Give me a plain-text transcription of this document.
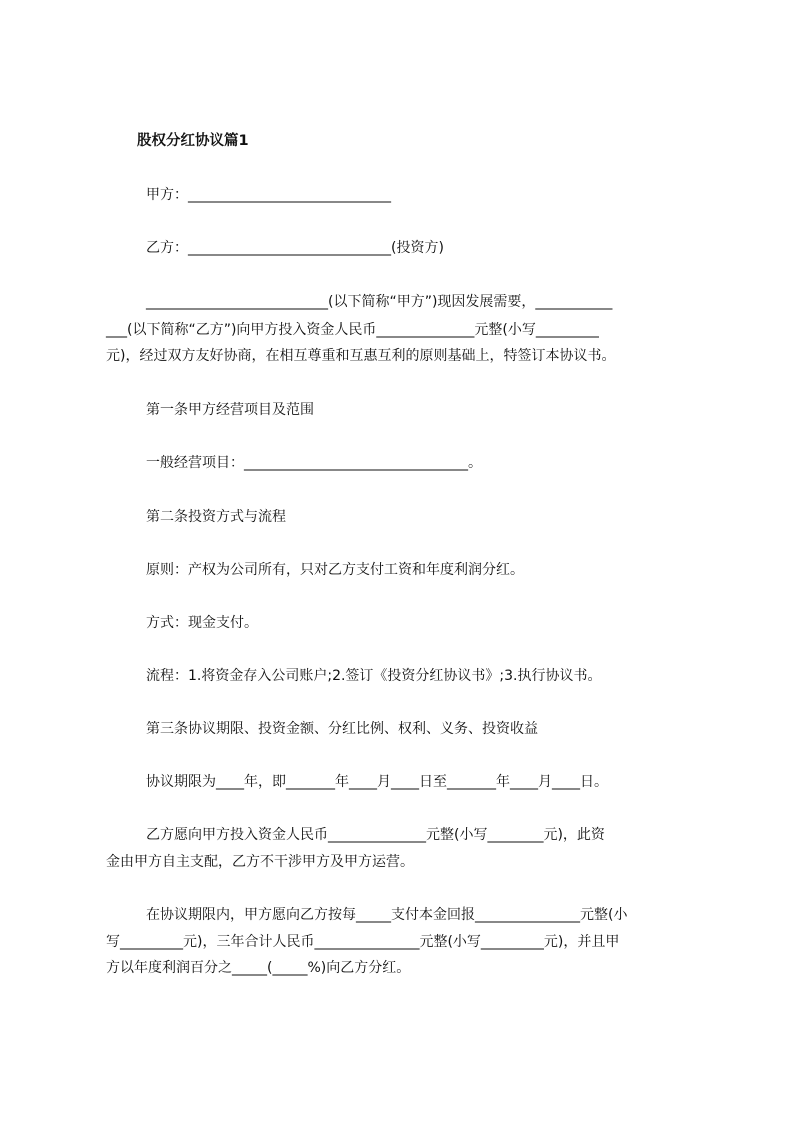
股权分红协议篇1
甲方：_____________________________
乙方：_____________________________(投资方)
__________________________(以下简称“甲方”)现因发展需要，___________
___(以下简称“乙方”)向甲方投入资金人民币______________元整(小写_________
元)，经过双方友好协商，在相互尊重和互惠互利的原则基础上，特签订本协议书。
第一条甲方经营项目及范围
一般经营项目：________________________________。
第二条投资方式与流程
原则：产权为公司所有，只对乙方支付工资和年度利润分红。
方式：现金支付。
流程：1.将资金存入公司账户;2.签订《投资分红协议书》;3.执行协议书。
第三条协议期限、投资金额、分红比例、权利、义务、投资收益
协议期限为____年，即_______年____月____日至_______年____月____日。
乙方愿向甲方投入资金人民币______________元整(小写________元)，此资
金由甲方自主支配，乙方不干涉甲方及甲方运营。
在协议期限内，甲方愿向乙方按每_____支付本金回报_______________元整(小
写_________元)，三年合计人民币_______________元整(小写_________元)，并且甲
方以年度利润百分之_____(_____%)向乙方分红。
